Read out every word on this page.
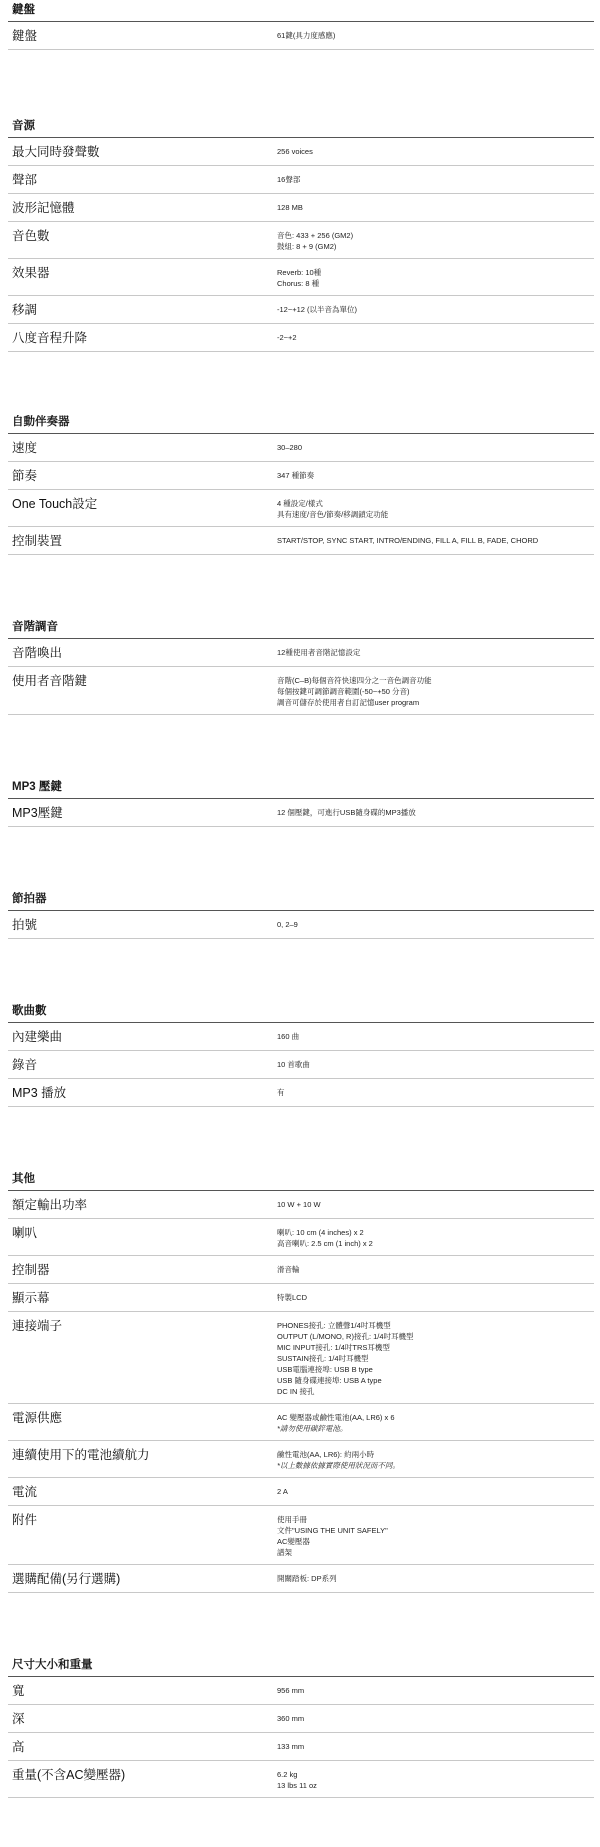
鍵盤
鍵盤	61鍵(具力度感應)
音源
最大同時發聲數	256 voices
聲部	16聲部
波形記憶體	128 MB
音色數	音色: 433 + 256 (GM2)
鼓組: 8 + 9 (GM2)
效果器	Reverb: 10種
Chorus: 8 種
移調	-12~+12 (以半音為單位)
八度音程升降	-2~+2
自動伴奏器
速度	30–280
節奏	347 種節奏
One Touch設定	4 種設定/樣式
具有速度/音色/節奏/移調鎖定功能
控制裝置	START/STOP, SYNC START, INTRO/ENDING, FILL A, FILL B, FADE, CHORD
音階調音
音階喚出	12種使用者音階記憶設定
使用者音階鍵	音階(C–B)每個音符快速四分之一音色調音功能
每個按鍵可調節調音範圍(-50~+50 分音)
調音可儲存於使用者自訂記憶user program
MP3 壓鍵
MP3壓鍵	12 個壓鍵，可進行USB隨身碟的MP3播放
節拍器
拍號	0, 2–9
歌曲數
內建樂曲	160 曲
錄音	10 首歌曲
MP3 播放	有
其他
額定輸出功率	10 W + 10 W
喇叭	喇叭: 10 cm (4 inches) x 2
高音喇叭: 2.5 cm (1 inch) x 2
控制器	滑音輪
顯示幕	特製LCD
連接端子	PHONES接孔: 立體聲1/4吋耳機型
OUTPUT (L/MONO, R)接孔: 1/4吋耳機型
MIC INPUT接孔: 1/4吋TRS耳機型
SUSTAIN接孔: 1/4吋耳機型
USB電腦連接埠: USB B type
USB 隨身碟連接埠: USB A type
DC IN 接孔
電源供應	AC 變壓器或鹼性電池(AA, LR6) x 6
*請勿使用碳鋅電池。
連續使用下的電池續航力	鹼性電池(AA, LR6): 約兩小時
*以上數據依據實際使用狀況而不同。
電流	2 A
附件	使用手冊
文件"USING THE UNIT SAFELY"
AC變壓器
譜架
選購配備(另行選購)	開關踏板: DP系列
尺寸大小和重量
寬	956 mm
深	360 mm
高	133 mm
重量(不含AC變壓器)	6.2 kg
13 lbs 11 oz
